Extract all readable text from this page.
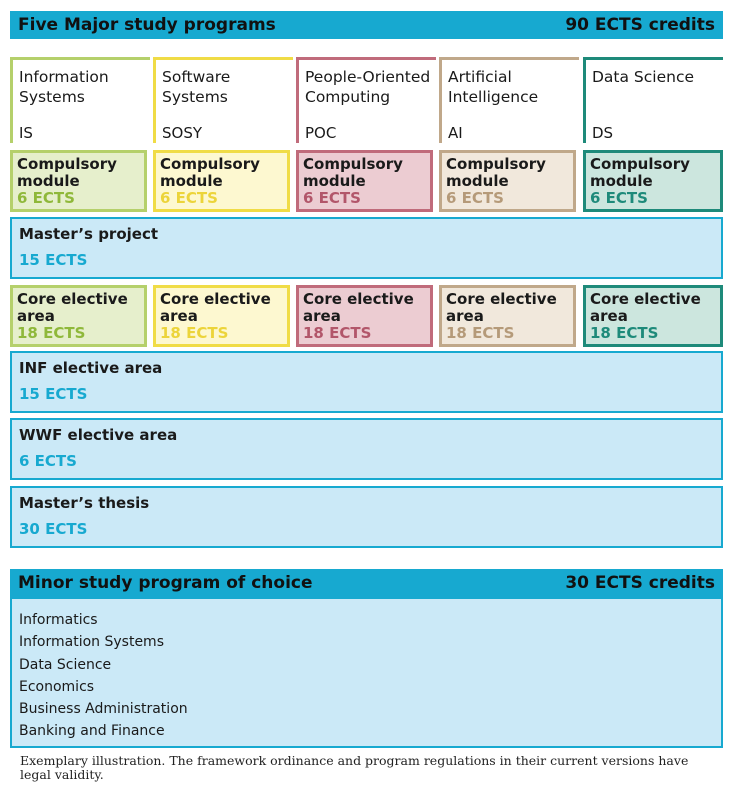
Five Major study programs	90 ECTS credits
Information
Systems
IS
Software
Systems
SOSY
People-Oriented
Computing
POC
Artificial
Intelligence
AI
Data Science
DS
Compulsory module
6 ECTS
Compulsory module
6 ECTS
Compulsory module
6 ECTS
Compulsory module
6 ECTS
Compulsory module
6 ECTS
Master’s project
15 ECTS
Core elective area
18 ECTS
Core elective area
18 ECTS
Core elective area
18 ECTS
Core elective area
18 ECTS
Core elective area
18 ECTS
INF elective area
15 ECTS
WWF elective area
6 ECTS
Master’s thesis
30 ECTS
Minor study program of choice	30 ECTS credits
Informatics
Information Systems
Data Science
Economics
Business Administration
Banking and Finance
Exemplary illustration. The framework ordinance and program regulations in their current versions have legal validity.
